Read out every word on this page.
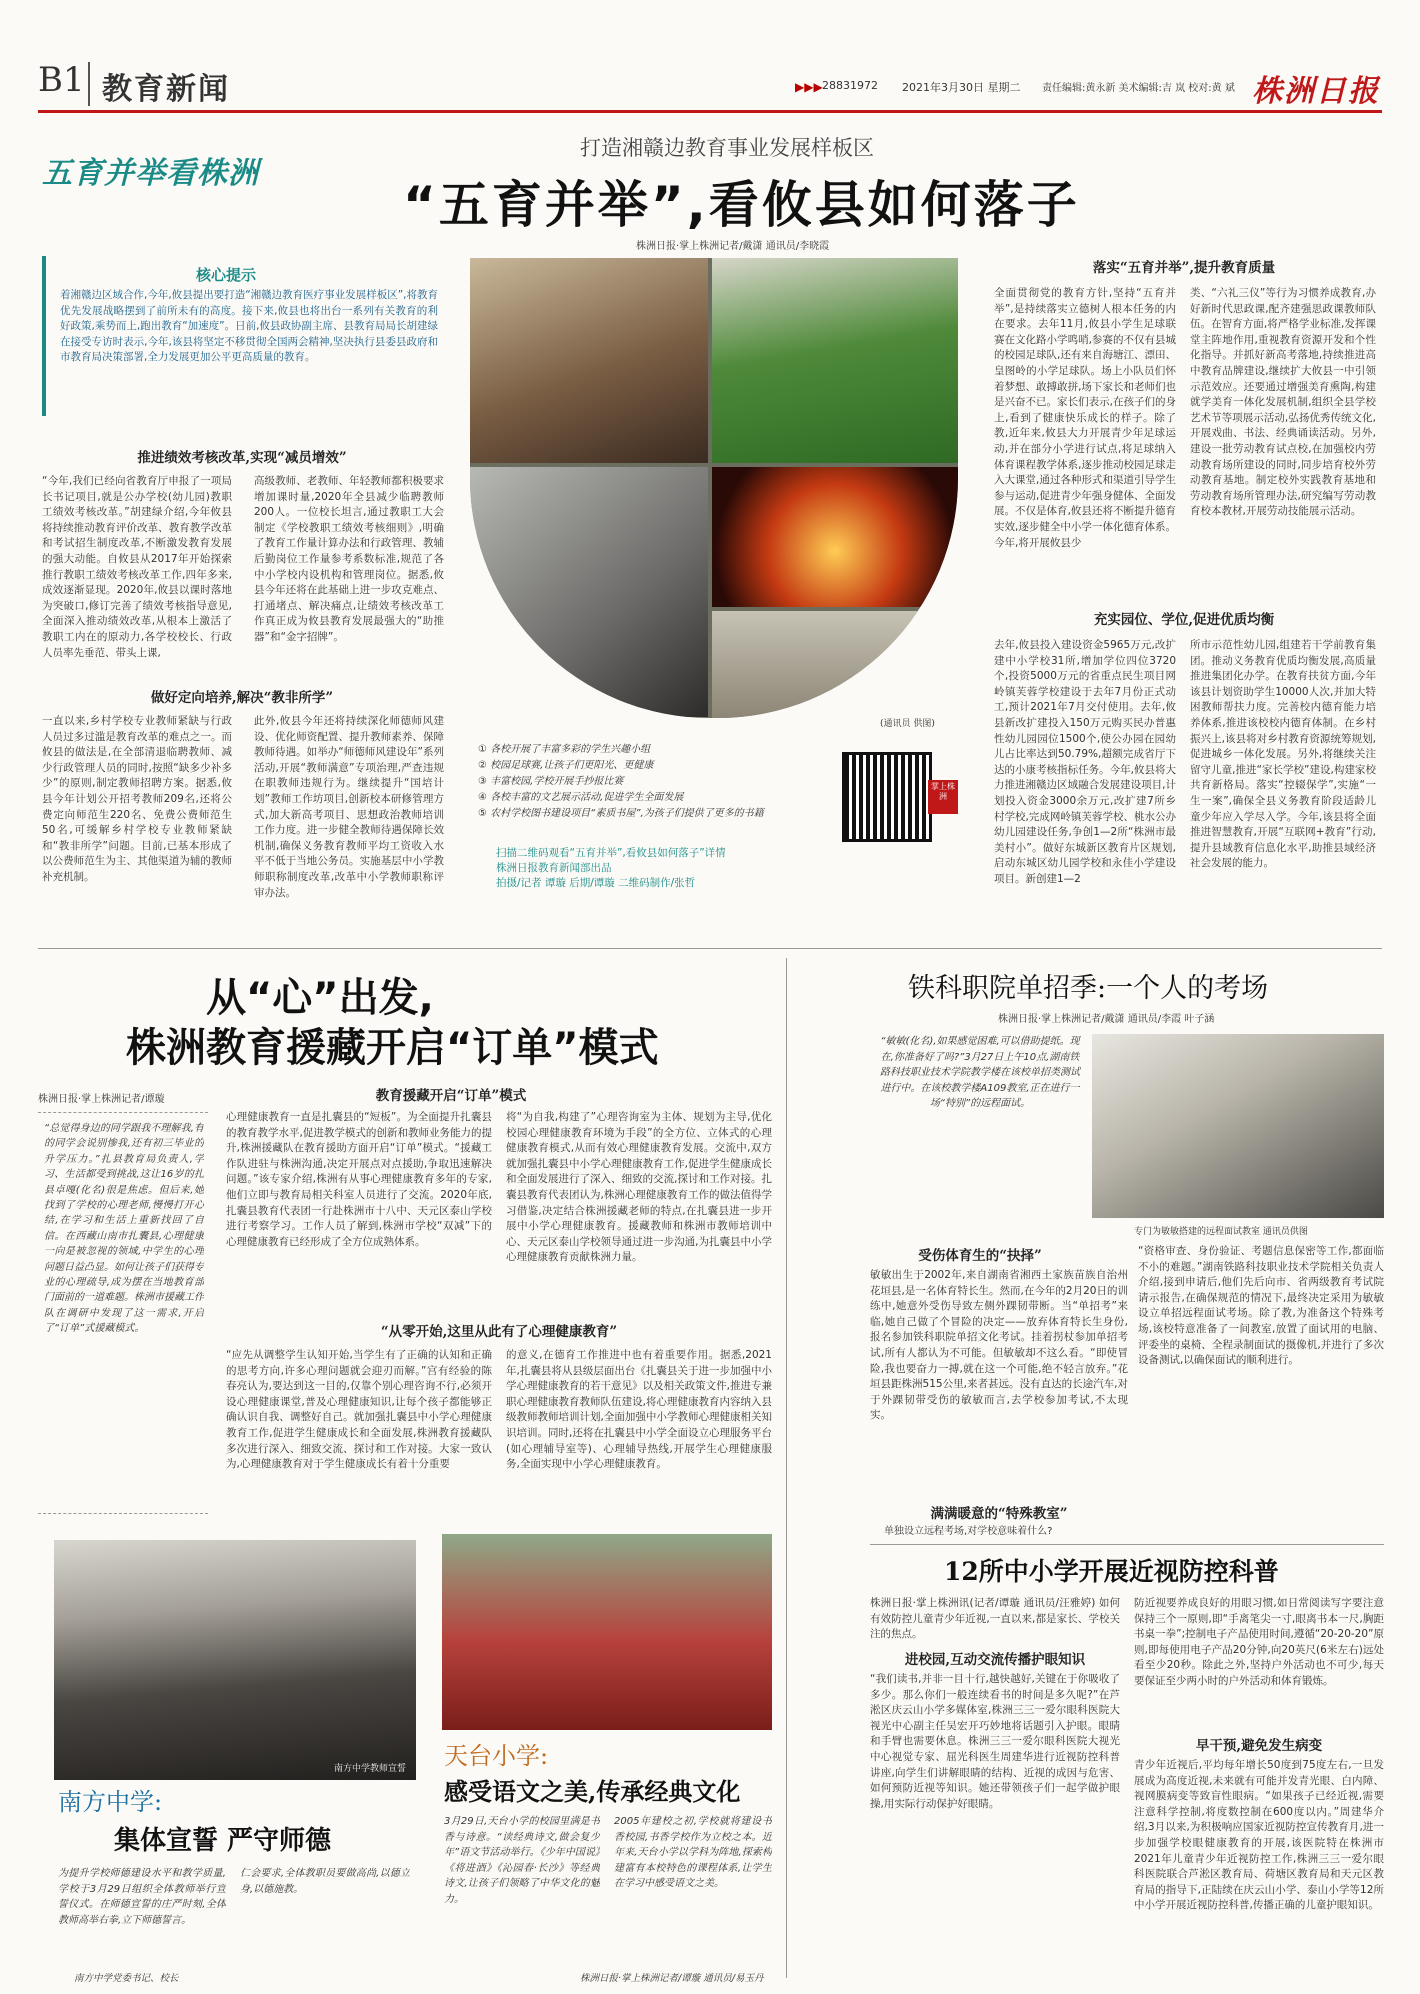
B1 教育新闻	▶▶▶ 28831972 2021年3月30日 星期二 责任编辑:黄永新 美术编辑:吉 岚 校对:黄 斌 株洲日报
五育并举看株洲
打造湘赣边教育事业发展样板区
“五育并举”,看攸县如何落子
株洲日报·掌上株洲记者/戴潇 通讯员/李晓霞
核心提示
着湘赣边区域合作,今年,攸县提出要打造“湘赣边教育医疗事业发展样板区”,将教育优先发展战略摆到了前所未有的高度。接下来,攸县也将出台一系列有关教育的利好政策,乘势而上,跑出教育“加速度”。日前,攸县政协副主席、县教育局局长胡建绿在接受专访时表示,今年,该县将坚定不移贯彻全国两会精神,坚决执行县委县政府和市教育局决策部署,全力发展更加公平更高质量的教育。
推进绩效考核改革,实现“减员增效”
“今年,我们已经向省教育厅申报了一项局长书记项目,就是公办学校(幼儿园)教职工绩效考核改革。”胡建绿介绍,今年攸县将持续推动教育评价改革、教育教学改革和考试招生制度改革,不断激发教育发展的强大动能。自攸县从2017年开始探索推行教职工绩效考核改革工作,四年多来,成效逐渐显现。2020年,攸县以课时落地为突破口,修订完善了绩效考核指导意见,全面深入推动绩效改革,从根本上激活了教职工内在的原动力,各学校校长、行政人员率先垂范、带头上课,
高级教师、老教师、年轻教师都积极要求增加课时量,2020年全县减少临聘教师200人。一位校长坦言,通过教职工大会制定《学校教职工绩效考核细则》,明确了教育工作量计算办法和行政管理、教辅后勤岗位工作量参考系数标准,规范了各中小学校内设机构和管理岗位。据悉,攸县今年还将在此基础上进一步攻克难点、打通堵点、解决痛点,让绩效考核改革工作真正成为攸县教育发展最强大的“助推器”和“金字招牌”。
做好定向培养,解决“教非所学”
一直以来,乡村学校专业教师紧缺与行政人员过多过滥是教育改革的难点之一。而攸县的做法是,在全部清退临聘教师、减少行政管理人员的同时,按照“缺多少补多少”的原则,制定教师招聘方案。据悉,攸县今年计划公开招考教师209名,还将公费定向师范生220名、免费公费师范生50名,可缓解乡村学校专业教师紧缺和“教非所学”问题。目前,已基本形成了以公费师范生为主、其他渠道为辅的教师补充机制。
此外,攸县今年还将持续深化师德师风建设、优化师资配置、提升教师素养、保障教师待遇。如举办“师德师风建设年”系列活动,开展“教师满意”专项治理,严查违规在职教师违规行为。继续提升“国培计划”教师工作坊项目,创新校本研修管理方式,加大新高考项目、思想政治教师培训工作力度。进一步健全教师待遇保障长效机制,确保义务教育教师平均工资收入水平不低于当地公务员。实施基层中小学教师职称制度改革,改革中小学教师职称评审办法。
(通讯员 供图)
① 各校开展了丰富多彩的学生兴趣小组
② 校园足球赛,让孩子们更阳光、更健康
③ 丰富校园,学校开展手抄报比赛
④ 各校丰富的文艺展示活动,促进学生全面发展
⑤ 农村学校图书建设项目“素质书屋”,为孩子们提供了更多的书籍
掌上株洲
扫描二维码观看“五育并举”,看攸县如何落子”详情
株洲日报教育新闻部出品
拍摄/记者 谭璇 后期/谭璇 二维码制作/张哲
落实“五育并举”,提升教育质量
全面贯彻党的教育方针,坚持“五育并举”,是持续落实立德树人根本任务的内在要求。去年11月,攸县小学生足球联赛在文化路小学鸣哨,参赛的不仅有县城的校园足球队,还有来自海塘江、漂田、皇图岭的小学足球队。场上小队员们怀着梦想、敢搏敢拼,场下家长和老师们也是兴奋不已。家长们表示,在孩子们的身上,看到了健康快乐成长的样子。除了教,近年来,攸县大力开展青少年足球运动,并在部分小学进行试点,将足球纳入体育课程教学体系,逐步推动校园足球走入大课堂,通过各种形式和渠道引导学生参与运动,促进青少年强身健体、全面发展。不仅是体育,攸县还将不断提升德育实效,逐步健全中小学一体化德育体系。今年,将开展攸县少
类、“六礼三仪”等行为习惯养成教育,办好新时代思政课,配齐建强思政课教师队伍。在智育方面,将严格学业标准,发挥课堂主阵地作用,重视教育资源开发和个性化指导。并抓好新高考落地,持续推进高中教育品牌建设,继续扩大攸县一中引领示范效应。还要通过增强美育熏陶,构建就学美育一体化发展机制,组织全县学校艺术节等项展示活动,弘扬优秀传统文化,开展戏曲、书法、经典诵读活动。另外,建设一批劳动教育试点校,在加强校内劳动教育场所建设的同时,同步培育校外劳动教育基地。制定校外实践教育基地和劳动教育场所管理办法,研究编写劳动教育校本教材,开展劳动技能展示活动。
充实园位、学位,促进优质均衡
去年,攸县投入建设资金5965万元,改扩建中小学校31所,增加学位四位3720个,投资5000万元的省重点民生项目网岭镇芙蓉学校建设于去年7月份正式动工,预计2021年7月交付使用。去年,攸县新改扩建投入150万元购买民办普惠性幼儿园园位1500个,使公办园在园幼儿占比率达到50.79%,超额完成省厅下达的小康考核指标任务。今年,攸县将大力推进湘赣边区域融合发展建设项目,计划投入资金3000余万元,改扩建7所乡村学校,完成网岭镇芙蓉学校、桃水公办幼儿园建设任务,争创1—2所“株洲市最美村小”。做好东城新区教育片区规划,启动东城区幼儿园学校和永佳小学建设项目。新创建1—2
所市示范性幼儿园,组建若干学前教育集团。推动义务教育优质均衡发展,高质量推进集团化办学。在教育扶贫方面,今年该县计划资助学生10000人次,并加大特困教师帮扶力度。完善校内德育能力培养体系,推进该校校内德育体制。在乡村振兴上,该县将对乡村教育资源统筹规划,促进城乡一体化发展。另外,将继续关注留守儿童,推进“家长学校”建设,构建家校共育新格局。落实“控辍保学”,实施“一生一案”,确保全县义务教育阶段适龄儿童少年应入学尽入学。今年,该县将全面推进智慧教育,开展“互联网+教育”行动,提升县域教育信息化水平,助推县域经济社会发展的能力。
从“心”出发,
株洲教育援藏开启“订单”模式
株洲日报·掌上株洲记者/谭璇
“总觉得身边的同学跟我不理解我,有的同学会说别惨我,还有初三毕业的升学压力。”扎县教育局负责人,学习、生活都受到挑战,这让16岁的扎县卓嘎(化名)很是焦虑。但后来,她找到了学校的心理老师,慢慢打开心结,在学习和生活上重新找回了自信。在西藏山南市扎囊县,心理健康一向是被忽视的领域,中学生的心理问题日益凸显。如何让孩子们获得专业的心理疏导,成为摆在当地教育部门面前的一道难题。株洲市援藏工作队在调研中发现了这一需求,开启了“订单”式援藏模式。
教育援藏开启“订单”模式
心理健康教育一直是扎囊县的“短板”。为全面提升扎囊县的教育教学水平,促进教学模式的创新和教师业务能力的提升,株洲援藏队在教育援助方面开启“订单”模式。“援藏工作队进驻与株洲沟通,决定开展点对点援助,争取迅速解决问题。”该专家介绍,株洲有从事心理健康教育多年的专家,他们立即与教育局相关科室人员进行了交流。2020年底,扎囊县教育代表团一行赴株洲市十八中、天元区泰山学校进行考察学习。工作人员了解到,株洲市学校“双减”下的心理健康教育已经形成了全方位成熟体系。
将“为自我,构建了”心理咨询室为主体、规划为主导,优化校园心理健康教育环境为手段”的全方位、立体式的心理健康教育模式,从而有效心理健康教育发展。交流中,双方就加强扎囊县中小学心理健康教育工作,促进学生健康成长和全面发展进行了深入、细致的交流,探讨和工作对接。扎囊县教育代表团认为,株洲心理健康教育工作的做法值得学习借鉴,决定结合株洲援藏老师的特点,在扎囊县进一步开展中小学心理健康教育。援藏教师和株洲市教师培训中心、天元区泰山学校领导通过进一步沟通,为扎囊县中小学心理健康教育贡献株洲力量。
“从零开始,这里从此有了心理健康教育”
“应先从调整学生认知开始,当学生有了正确的认知和正确的思考方向,许多心理问题就会迎刃而解。”宫有经验的陈春亮认为,要达到这一目的,仅靠个别心理咨询不行,必须开设心理健康课堂,普及心理健康知识,让每个孩子都能够正确认识自我、调整好自己。就加强扎囊县中小学心理健康教育工作,促进学生健康成长和全面发展,株洲教育援藏队多次进行深入、细致交流、探讨和工作对接。大家一致认为,心理健康教育对于学生健康成长有着十分重要
的意义,在德育工作推进中也有着重要作用。据悉,2021年,扎囊县将从县级层面出台《扎囊县关于进一步加强中小学心理健康教育的若干意见》以及相关政策文件,推进专兼职心理健康教育教师队伍建设,将心理健康教育内容纳入县级教师教师培训计划,全面加强中小学教师心理健康相关知识培训。同时,还将在扎囊县中小学全面设立心理服务平台(如心理辅导室等)、心理辅导热线,开展学生心理健康服务,全面实现中小学心理健康教育。
南方中学教师宣誓
南方中学:
集体宣誓 严守师德
为提升学校师德建设水平和教学质量,学校于3月29日组织全体教师举行宣誓仪式。在师德宣誓的庄严时刻,全体教师高举右拳,立下师德誓言。
仁会要求,全体教职员要做高尚,以德立身,以德施教。
南方中学党委书记、校长
天台小学:
感受语文之美,传承经典文化
3月29日,天台小学的校园里满是书香与诗意。“读经典诗文,做会复少年”语文节活动举行。《少年中国说》《将进酒》《沁园春·长沙》等经典诗文,让孩子们领略了中华文化的魅力。
2005年建校之初,学校就将建设书香校园,书香学校作为立校之本。近年来,天台小学以学科为阵地,探索构建富有本校特色的课程体系,让学生在学习中感受语文之美。
株洲日报·掌上株洲记者/谭璇 通讯员/易玉丹
铁科职院单招季:一个人的考场
株洲日报·掌上株洲记者/戴潇 通讯员/李霞 叶子涵
“敏敏(化名),如果感觉困难,可以借助提纸。现在,你准备好了吗?”3月27日上午10点,湖南铁路科技职业技术学院教学楼在该校单招类测试进行中。在该校教学楼A109教室,正在进行一场“特别”的远程面试。
专门为敏敏搭建的远程面试教室 通讯员供图
受伤体育生的“抉择”
敏敏出生于2002年,来自湖南省湘西土家族苗族自治州花垣县,是一名体育特长生。然而,在今年的2月20日的训练中,她意外受伤导致左侧外踝韧带断。当“单招考”来临,她自己做了个冒险的决定——放弃体育特长生身份,报名参加铁科职院单招文化考试。挂着拐杖参加单招考试,所有人都认为不可能。但敏敏却不这么看。“即使冒险,我也要奋力一搏,就在这一个可能,绝不轻言放弃。”花垣县距株洲515公里,来者甚远。没有直达的长途汽车,对于外踝韧带受伤的敏敏而言,去学校参加考试,不太现实。
“资格审查、身份验证、考题信息保密等工作,都面临不小的难题。”湖南铁路科技职业技术学院相关负责人介绍,接到申请后,他们先后向市、省两级教育考试院请示报告,在确保规范的情况下,最终决定采用为敏敏设立单招远程面试考场。除了教,为准备这个特殊考场,该校特意准备了一间教室,放置了面试用的电脑、评委坐的桌椅、全程录制面试的摄像机,并进行了多次设备测试,以确保面试的顺利进行。
满满暖意的“特殊教室”
单独设立远程考场,对学校意味着什么?
12所中小学开展近视防控科普
株洲日报·掌上株洲讯(记者/谭璇 通讯员/汪雅婷) 如何有效防控儿童青少年近视,一直以来,都是家长、学校关注的焦点。
进校园,互动交流传播护眼知识
“我们读书,并非一目十行,越快越好,关键在于你吸收了多少。那么你们一般连续看书的时间是多久呢?”在芦淞区庆云山小学多媒体室,株洲三三一爱尔眼科医院大视光中心副主任吴宏开巧妙地将话题引入护眼。眼睛和手臂也需要休息。株洲三三一爱尔眼科医院大视光中心视觉专家、屈光科医生周建华进行近视防控科普讲座,向学生们讲解眼睛的结构、近视的成因与危害、如何预防近视等知识。她还带领孩子们一起学做护眼操,用实际行动保护好眼睛。
防近视要养成良好的用眼习惯,如日常阅读写字要注意保持三个一原则,即“手离笔尖一寸,眼离书本一尺,胸距书桌一拳”;控制电子产品使用时间,遵循“20-20-20”原则,即每使用电子产品20分钟,向20英尺(6米左右)远处看至少20秒。除此之外,坚持户外活动也不可少,每天要保证至少两小时的户外活动和体育锻炼。
早干预,避免发生病变
青少年近视后,平均每年增长50度到75度左右,一旦发展成为高度近视,未来就有可能并发青光眼、白内障、视网膜病变等致盲性眼病。“如果孩子已经近视,需要注意科学控制,将度数控制在600度以内。”周建华介绍,3月以来,为积极响应国家近视防控宣传教育月,进一步加强学校眼健康教育的开展,该医院特在株洲市2021年儿童青少年近视防控工作,株洲三三一爱尔眼科医院联合芦淞区教育局、荷塘区教育局和天元区教育局的指导下,正陆续在庆云山小学、泰山小学等12所中小学开展近视防控科普,传播正确的儿童护眼知识。
